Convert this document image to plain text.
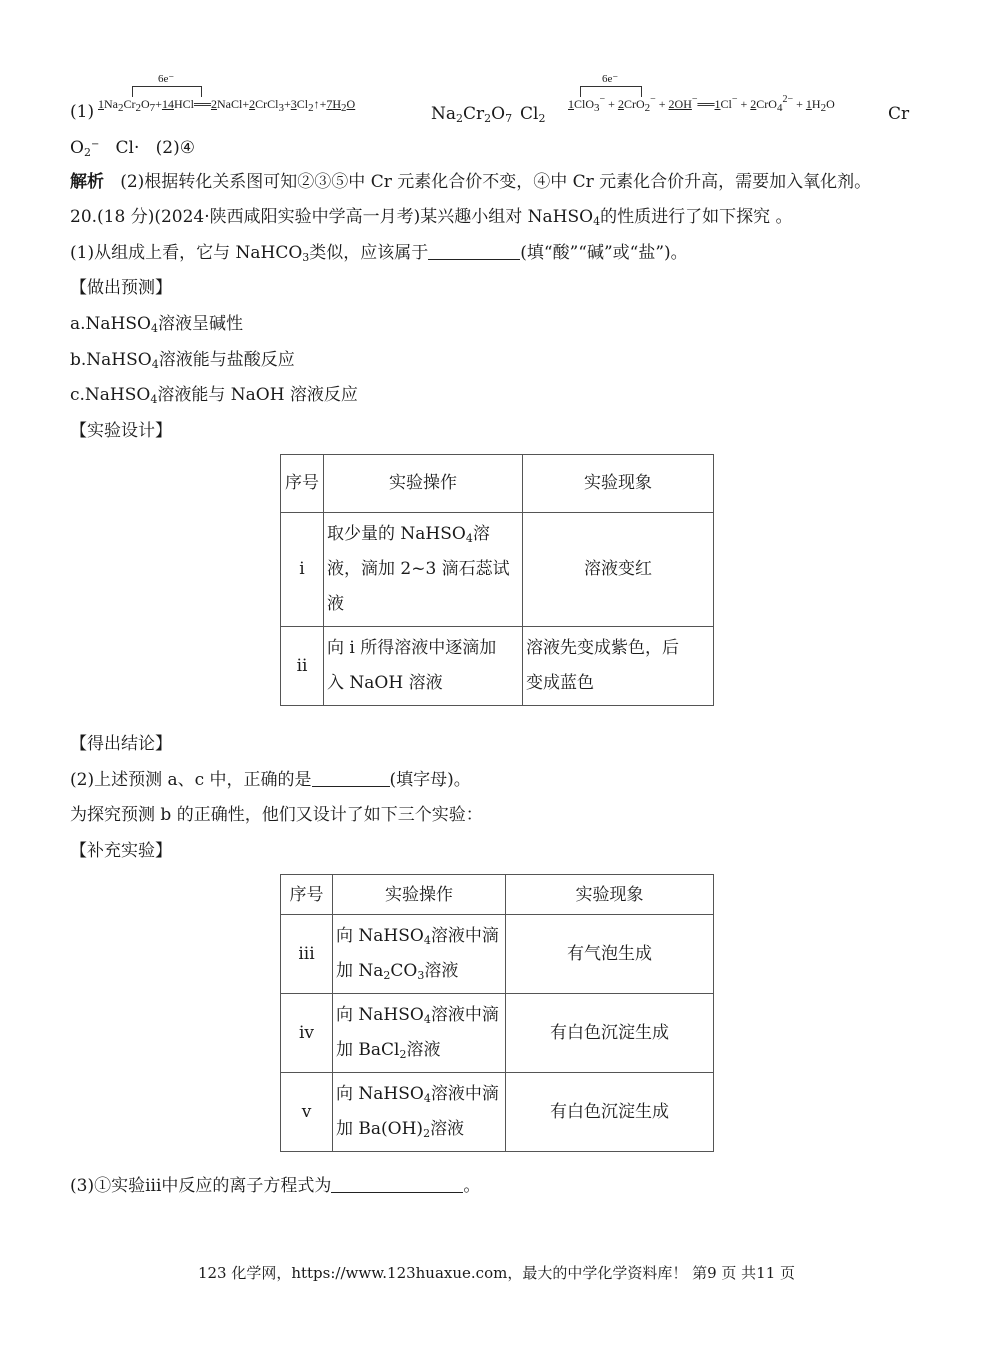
(1)
6e⁻
$1Na_2Cr_2O_7+14HCl══2NaCl+2CrCl_3+3Cl_2↑+7H_2O$	$Na_2Cr_2O_7$ $Cl_2$
6e⁻
1ClO$_3$− + 2CrO$_2$− + 2OH−══1Cl− + $2CrO_4^{2-} + 1H_2O$	Cr
$O_2^-$ Cl· (2)④
解析 (2)根据转化关系图可知②③⑤中 Cr 元素化合价不变，④中 Cr 元素化合价升高，需要加入氧化剂。
20.(18 分)(2024·陕西咸阳实验中学高一月考)某兴趣小组对 NaHSO$_4$的性质进行了如下探究 。
(1)从组成上看，它与 NaHCO$_3$类似，应该属于	(填“酸”“碱”或“盐”)。
【做出预测】
a.NaHSO$_4$溶液呈碱性
b.NaHSO$_4$溶液能与盐酸反应
c.NaHSO$_4$溶液能与 NaOH 溶液反应
【实验设计】
序号	实验操作	实验现象
i	取少量的 NaHSO$_4$溶
液，滴加 2~3 滴石蕊试
液	溶液变红
ii	向 i 所得溶液中逐滴加
入 NaOH 溶液	溶液先变成紫色，后
变成蓝色
【得出结论】
(2)上述预测 a、c 中，正确的是	(填字母)。
为探究预测 b 的正确性，他们又设计了如下三个实验：
【补充实验】
序号	实验操作	实验现象
iii	向 NaHSO$_4$溶液中滴
加 $Na_2CO_3$溶液	有气泡生成
iv	向 NaHSO$_4$溶液中滴
加 BaCl$_2$溶液	有白色沉淀生成
v	向 NaHSO$_4$溶液中滴
加 $Ba(OH)_2$溶液	有白色沉淀生成
(3)①实验iii中反应的离子方程式为	。
123 化学网，https://www.123huaxue.com，最大的中学化学资料库！ 第9 页 共11 页
